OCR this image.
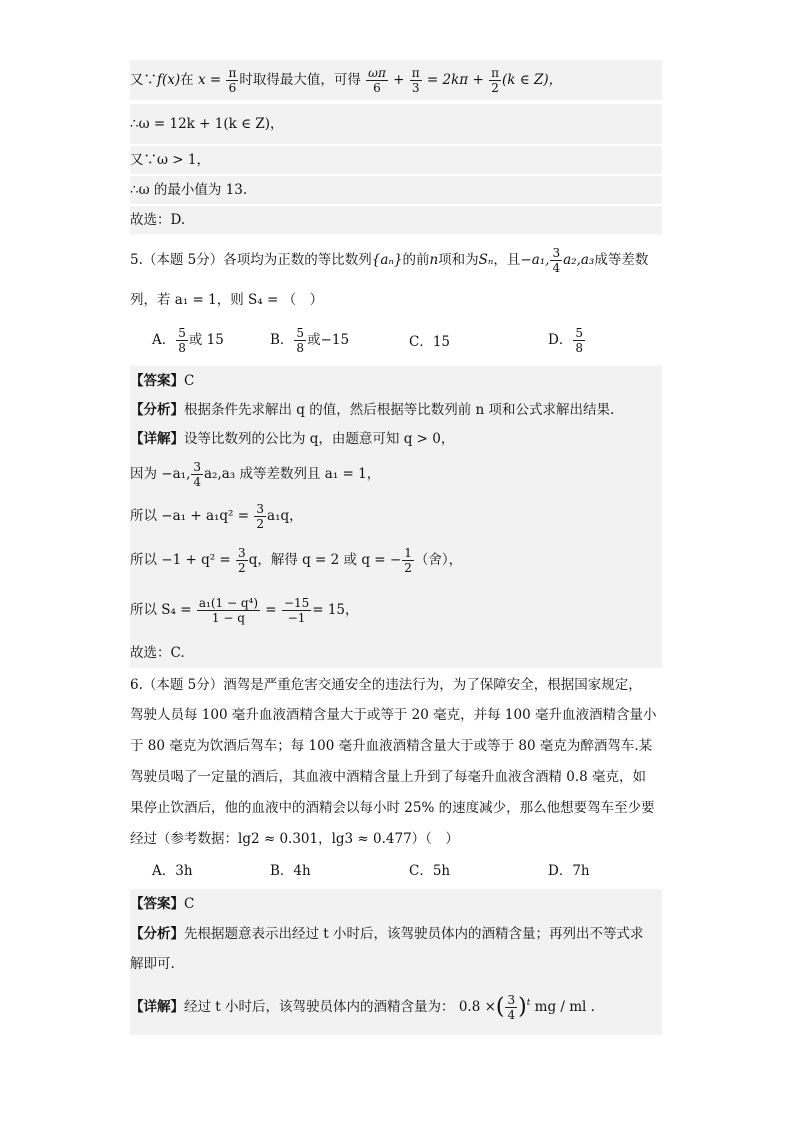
又∵f(x)在 $x = \frac{\pi}{6}$ 时取得最大值，可得 $\frac{\omega\pi}{6} + \frac{\pi}{3} = 2k\pi + \frac{\pi}{2} (k$ ∈ Z)，
∴ω = 12k + 1(k ∈ Z)，
又∵ω > 1，
∴ω 的最小值为 13.
故选：D.
5.（本题 5分）各项均为正数的等比数列{aₙ}的前n项和为Sₙ，且−a₁, $\frac{3}{4} a_2,a_3$成等差数
列，若 a₁ = 1，则 S₄ = （　）
A． $\frac{5}{8}$ 或 15	B． $\frac{5}{8}$ 或−15	C．15	D． $\frac{5}{8}$
【答案】C
【分析】根据条件先求解出 q 的值，然后根据等比数列前 n 项和公式求解出结果.
【详解】设等比数列的公比为 q，由题意可知 q > 0，
因为 −a₁, $\frac{3}{4} a_2,a_3$ 成等差数列且 a₁ = 1，
所以 $-a_1 + a_1q^2 = \frac{3}{2} a_1q$，
所以 $-1 + q^2 = \frac{3}{2}$ q，解得 q = 2 或 q = − $\frac{1}{2}$ （舍），
所以 $S_4 = \frac{\text{a₁(1 − q⁴)}}{1 - q} = \frac{-15}{-1} = 15$，
故选：C.
6.（本题 5分）酒驾是严重危害交通安全的违法行为，为了保障安全，根据国家规定，
驾驶人员每 100 毫升血液酒精含量大于或等于 20 毫克，并每 100 毫升血液酒精含量小
于 80 毫克为饮酒后驾车；每 100 毫升血液酒精含量大于或等于 80 毫克为醉酒驾车.某
驾驶员喝了一定量的酒后，其血液中酒精含量上升到了每毫升血液含酒精 0.8 毫克，如
果停止饮酒后，他的血液中的酒精会以每小时 25% 的速度减少，那么他想要驾车至少要
经过（参考数据：lg2 ≈ 0.301，lg3 ≈ 0.477）（　）
A．3h	B．4h	C．5h	D．7h
【答案】C
【分析】先根据题意表示出经过 t 小时后，该驾驶员体内的酒精含量；再列出不等式求
解即可.
【详解】经过 t 小时后，该驾驶员体内的酒精含量为： 0.8 ×( $\frac{3}{4} )^t$ mg / ml .
